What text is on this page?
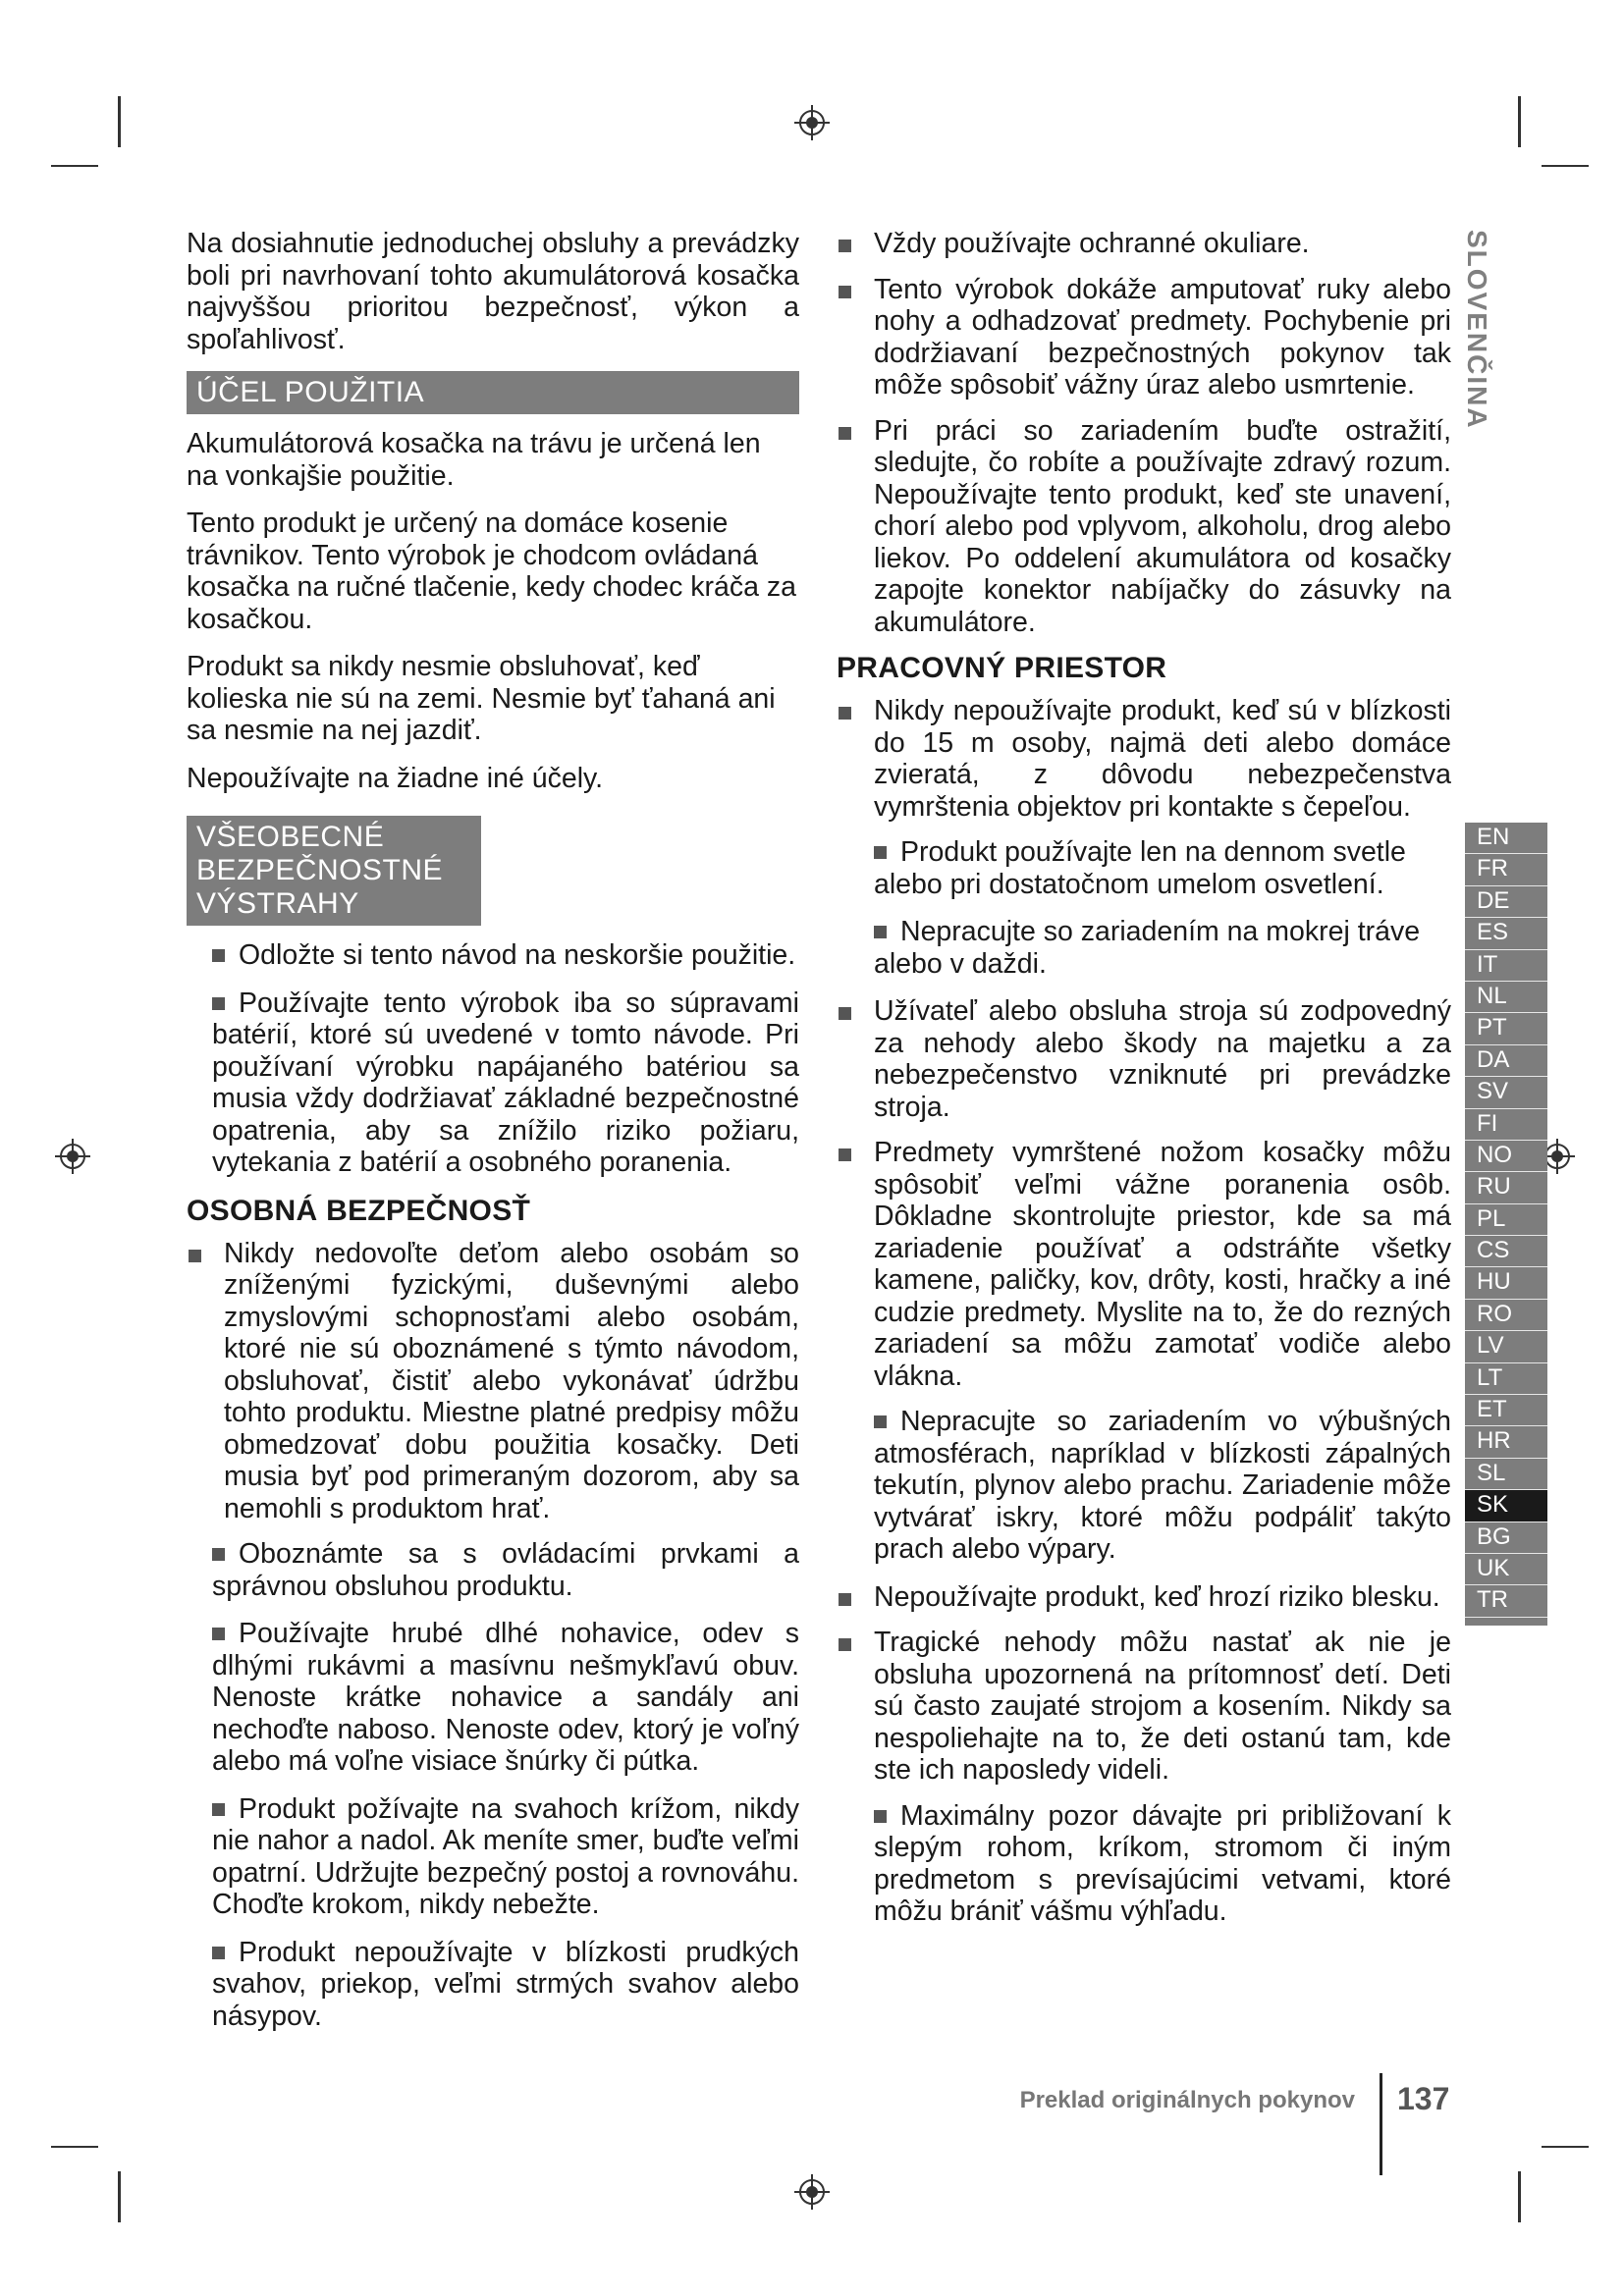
Na dosiahnutie jednoduchej obsluhy a prevádzky boli pri navrhovaní tohto akumulátorová kosačka najvyššou prioritou bezpečnosť, výkon a spoľahlivosť.

ÚČEL POUŽITIA

Akumulátorová kosačka na trávu je určená len na vonkajšie použitie.

Tento produkt je určený na domáce kosenie trávnikov. Tento výrobok je chodcom ovládaná kosačka na ručné tlačenie, kedy chodec kráča za kosačkou.

Produkt sa nikdy nesmie obsluhovať, keď kolieska nie sú na zemi. Nesmie byť ťahaná ani sa nesmie na nej jazdiť.

Nepoužívajte na žiadne iné účely.

VŠEOBECNÉ BEZPEČNOSTNÉ VÝSTRAHY

Odložte si tento návod na neskoršie použitie.

Používajte tento výrobok iba so súpravami batérií, ktoré sú uvedené v tomto návode. Pri používaní výrobku napájaného batériou sa musia vždy dodržiavať základné bezpečnostné opatrenia, aby sa znížilo riziko požiaru, vytekania z batérií a osobného poranenia.

OSOBNÁ BEZPEČNOSŤ
Nikdy nedovoľte deťom alebo osobám so zníženými fyzickými, duševnými alebo zmyslovými schopnosťami alebo osobám, ktoré nie sú oboznámené s týmto návodom, obsluhovať, čistiť alebo vykonávať údržbu tohto produktu. Miestne platné predpisy môžu obmedzovať dobu použitia kosačky. Deti musia byť pod primeraným dozorom, aby sa nemohli s produktom hrať.

Oboznámte sa s ovládacími prvkami a správnou obsluhou produktu.

Používajte hrubé dlhé nohavice, odev s dlhými rukávmi a masívnu nešmykľavú obuv. Nenoste krátke nohavice a sandály ani nechoďte naboso. Nenoste odev, ktorý je voľný alebo má voľne visiace šnúrky či pútka.

Produkt požívajte na svahoch krížom, nikdy nie nahor a nadol. Ak meníte smer, buďte veľmi opatrní. Udržujte bezpečný postoj a rovnováhu. Choďte krokom, nikdy nebežte.

Produkt nepoužívajte v blízkosti prudkých svahov, priekop, veľmi strmých svahov alebo násypov.

Vždy používajte ochranné okuliare.
Tento výrobok dokáže amputovať ruky alebo nohy a odhadzovať predmety. Pochybenie pri dodržiavaní bezpečnostných pokynov tak môže spôsobiť vážny úraz alebo usmrtenie.
Pri práci so zariadením buďte ostražití, sledujte, čo robíte a používajte zdravý rozum. Nepoužívajte tento produkt, keď ste unavení, chorí alebo pod vplyvom, alkoholu, drog alebo liekov. Po oddelení akumulátora od kosačky zapojte konektor nabíjačky do zásuvky na akumulátore.
PRACOVNÝ PRIESTOR
Nikdy nepoužívajte produkt, keď sú v blízkosti do 15 m osoby, najmä deti alebo domáce zvieratá, z dôvodu nebezpečenstva vymrštenia objektov pri kontakte s čepeľou.

Produkt používajte len na dennom svetle alebo pri dostatočnom umelom osvetlení.

Nepracujte so zariadením na mokrej tráve alebo v daždi.

Užívateľ alebo obsluha stroja sú zodpovedný za nehody alebo škody na majetku a za nebezpečenstvo vzniknuté pri prevádzke stroja.
Predmety vymrštené nožom kosačky môžu spôsobiť veľmi vážne poranenia osôb. Dôkladne skontrolujte priestor, kde sa má zariadenie používať a odstráňte všetky kamene, paličky, kov, drôty, kosti, hračky a iné cudzie predmety. Myslite na to, že do rezných zariadení sa môžu zamotať vodiče alebo vlákna.

Nepracujte so zariadením vo výbušných atmosférach, napríklad v blízkosti zápalných tekutín, plynov alebo prachu. Zariadenie môže vytvárať iskry, ktoré môžu podpáliť takýto prach alebo výpary.

Nepoužívajte produkt, keď hrozí riziko blesku.
Tragické nehody môžu nastať ak nie je obsluha upozornená na prítomnosť detí. Deti sú často zaujaté strojom a kosením. Nikdy sa nespoliehajte na to, že deti ostanú tam, kde ste ich naposledy videli.

Maximálny pozor dávajte pri približovaní k slepým rohom, kríkom, stromom či iným predmetom s prevísajúcimi vetvami, ktoré môžu brániť vášmu výhľadu.

SLOVENČINA
EN
FR
DE
ES
IT
NL
PT
DA
SV
FI
NO
RU
PL
CS
HU
RO
LV
LT
ET
HR
SL
SK
BG
UK
TR
Preklad originálnych pokynov 137
